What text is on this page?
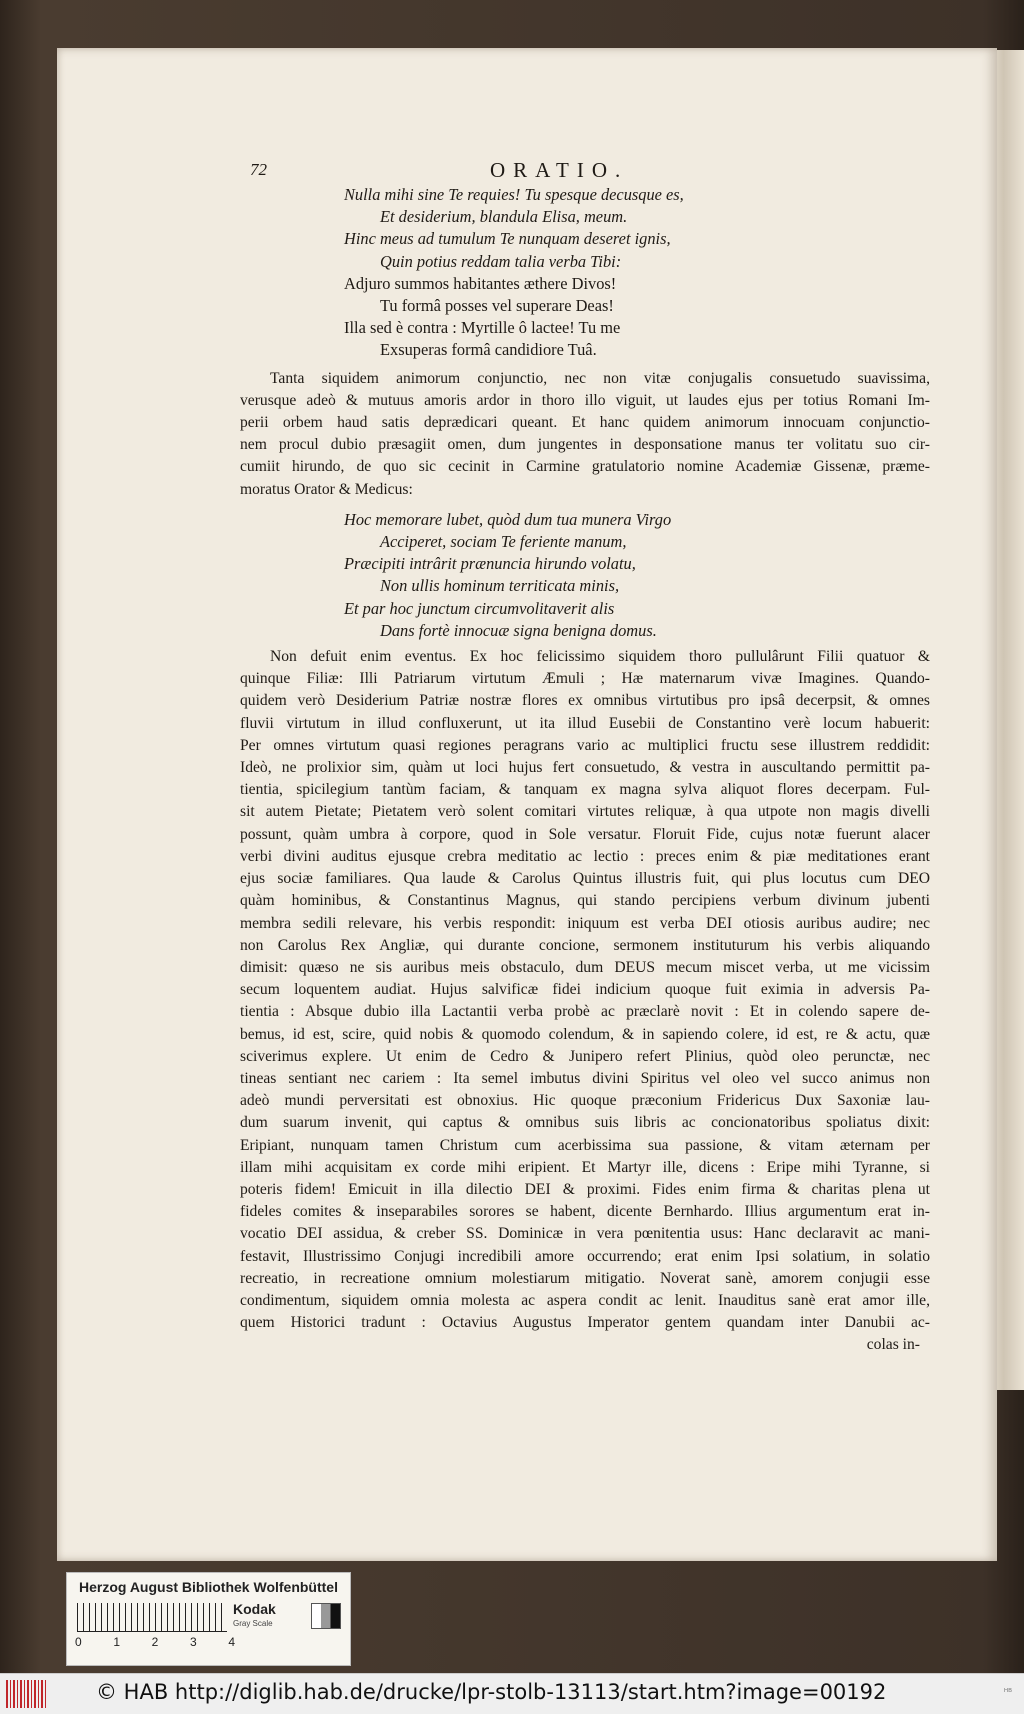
72	ORATIO.
Nulla mihi sine Te requies! Tu spesque decusque es,
Et desiderium, blandula Elisa, meum.
Hinc meus ad tumulum Te nunquam deseret ignis,
Quin potius reddam talia verba Tibi:
Adjuro summos habitantes æthere Divos!
Tu formâ posses vel superare Deas!
Illa sed è contra : Myrtille ô lactee! Tu me
Exsuperas formâ candidiore Tuâ.

Tanta siquidem animorum conjunctio, nec non vitæ conjugalis consuetudo suavissima,

verusque adeò & mutuus amoris ardor in thoro illo viguit, ut laudes ejus per totius Romani Im-

perii orbem haud satis deprædicari queant. Et hanc quidem animorum innocuam conjunctio-

nem procul dubio præsagiit omen, dum jungentes in desponsatione manus ter volitatu suo cir-

cumiit hirundo, de quo sic cecinit in Carmine gratulatorio nomine Academiæ Gissenæ, præme-

moratus Orator & Medicus:

Hoc memorare lubet, quòd dum tua munera Virgo
Acciperet, sociam Te feriente manum,
Præcipiti intrârit prænuncia hirundo volatu,
Non ullis hominum territicata minis,
Et par hoc junctum circumvolitaverit alis
Dans fortè innocuæ signa benigna domus.

Non defuit enim eventus. Ex hoc felicissimo siquidem thoro pullulârunt Filii quatuor &

quinque Filiæ: Illi Patriarum virtutum Æmuli ; Hæ maternarum vivæ Imagines. Quando-

quidem verò Desiderium Patriæ nostræ flores ex omnibus virtutibus pro ipsâ decerpsit, & omnes

fluvii virtutum in illud confluxerunt, ut ita illud Eusebii de Constantino verè locum habuerit:

Per omnes virtutum quasi regiones peragrans vario ac multiplici fructu sese illustrem reddidit:

Ideò, ne prolixior sim, quàm ut loci hujus fert consuetudo, & vestra in auscultando permittit pa-

tientia, spicilegium tantùm faciam, & tanquam ex magna sylva aliquot flores decerpam. Ful-

sit autem Pietate; Pietatem verò solent comitari virtutes reliquæ, à qua utpote non magis divelli

possunt, quàm umbra à corpore, quod in Sole versatur. Floruit Fide, cujus notæ fuerunt alacer

verbi divini auditus ejusque crebra meditatio ac lectio : preces enim & piæ meditationes erant

ejus sociæ familiares. Qua laude & Carolus Quintus illustris fuit, qui plus locutus cum DEO

quàm hominibus, & Constantinus Magnus, qui stando percipiens verbum divinum jubenti

membra sedili relevare, his verbis respondit: iniquum est verba DEI otiosis auribus audire; nec

non Carolus Rex Angliæ, qui durante concione, sermonem instituturum his verbis aliquando

dimisit: quæso ne sis auribus meis obstaculo, dum DEUS mecum miscet verba, ut me vicissim

secum loquentem audiat. Hujus salvificæ fidei indicium quoque fuit eximia in adversis Pa-

tientia : Absque dubio illa Lactantii verba probè ac præclarè novit : Et in colendo sapere de-

bemus, id est, scire, quid nobis & quomodo colendum, & in sapiendo colere, id est, re & actu, quæ

sciverimus explere. Ut enim de Cedro & Junipero refert Plinius, quòd oleo perunctæ, nec

tineas sentiant nec cariem : Ita semel imbutus divini Spiritus vel oleo vel succo animus non

adeò mundi perversitati est obnoxius. Hic quoque præconium Fridericus Dux Saxoniæ lau-

dum suarum invenit, qui captus & omnibus suis libris ac concionatoribus spoliatus dixit:

Eripiant, nunquam tamen Christum cum acerbissima sua passione, & vitam æternam per

illam mihi acquisitam ex corde mihi eripient. Et Martyr ille, dicens : Eripe mihi Tyranne, si

poteris fidem! Emicuit in illa dilectio DEI & proximi. Fides enim firma & charitas plena ut

fideles comites & inseparabiles sorores se habent, dicente Bernhardo. Illius argumentum erat in-

vocatio DEI assidua, & creber SS. Dominicæ in vera pœnitentia usus: Hanc declaravit ac mani-

festavit, Illustrissimo Conjugi incredibili amore occurrendo; erat enim Ipsi solatium, in solatio

recreatio, in recreatione omnium molestiarum mitigatio. Noverat sanè, amorem conjugii esse

condimentum, siquidem omnia molesta ac aspera condit ac lenit. Inauditus sanè erat amor ille,

quem Historici tradunt : Octavius Augustus Imperator gentem quandam inter Danubii ac-

colas in-
Herzog August Bibliothek Wolfenbüttel
0	1	2	3	4
Kodak
Gray Scale
© HAB http://diglib.hab.de/drucke/lpr-stolb-13113/start.htm?image=00192	ᴴᴮ
